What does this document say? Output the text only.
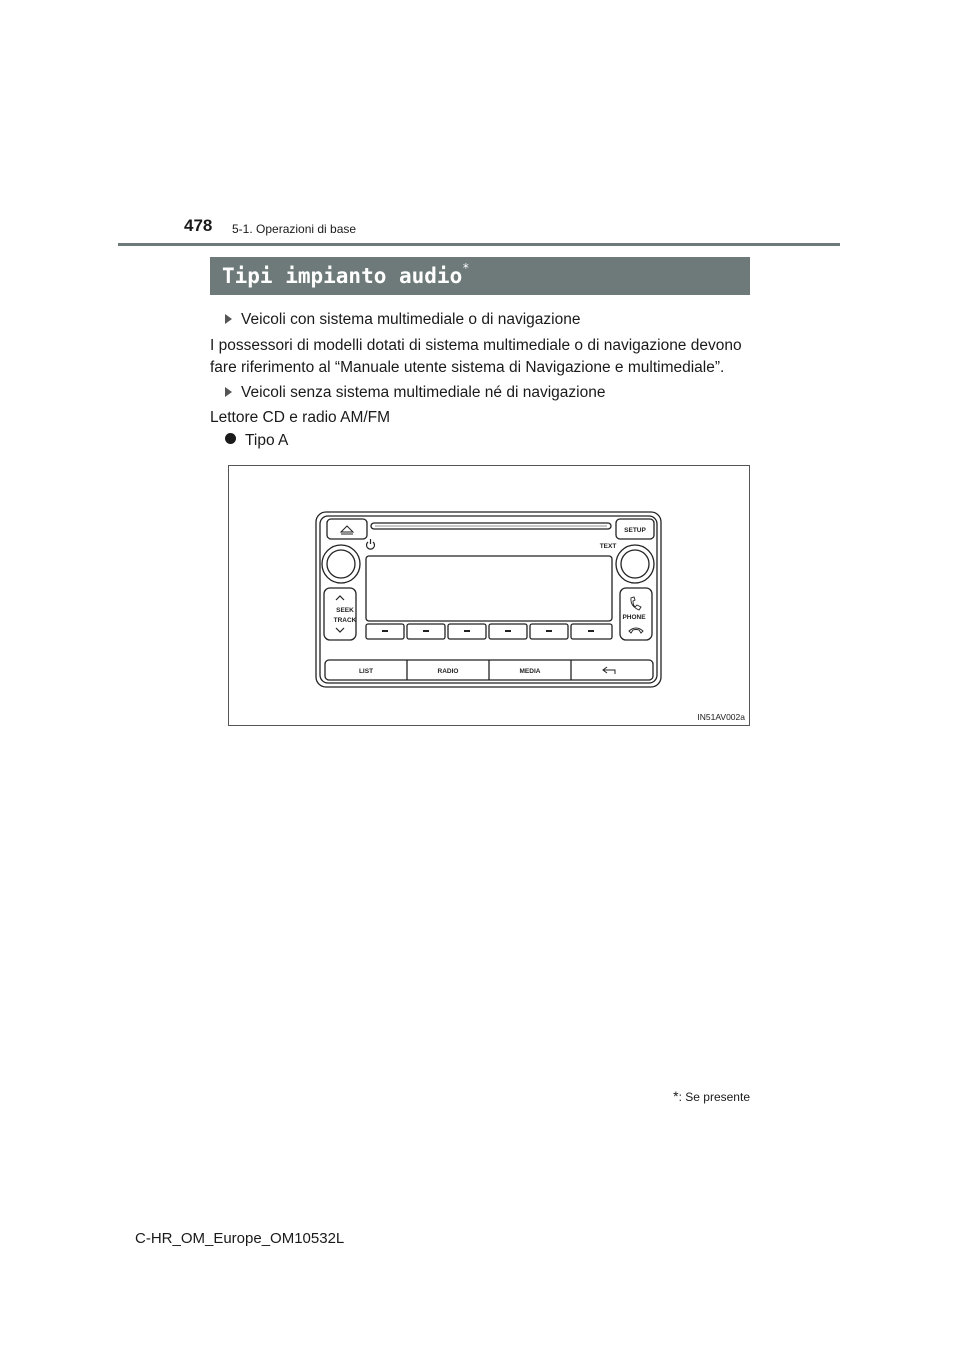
478 5-1. Operazioni di base
Tipi impianto audio*
Veicoli con sistema multimediale o di navigazione
I possessori di modelli dotati di sistema multimediale o di navigazione devono
fare riferimento al “Manuale utente sistema di Navigazione e multimediale”.
Veicoli senza sistema multimediale né di navigazione
Lettore CD e radio AM/FM
Tipo A
SETUP
TEXT
SEEK
TRACK	PHONE
LIST	RADIO	MEDIA
IN51AV002a
*: Se presente
C-HR_OM_Europe_OM10532L
